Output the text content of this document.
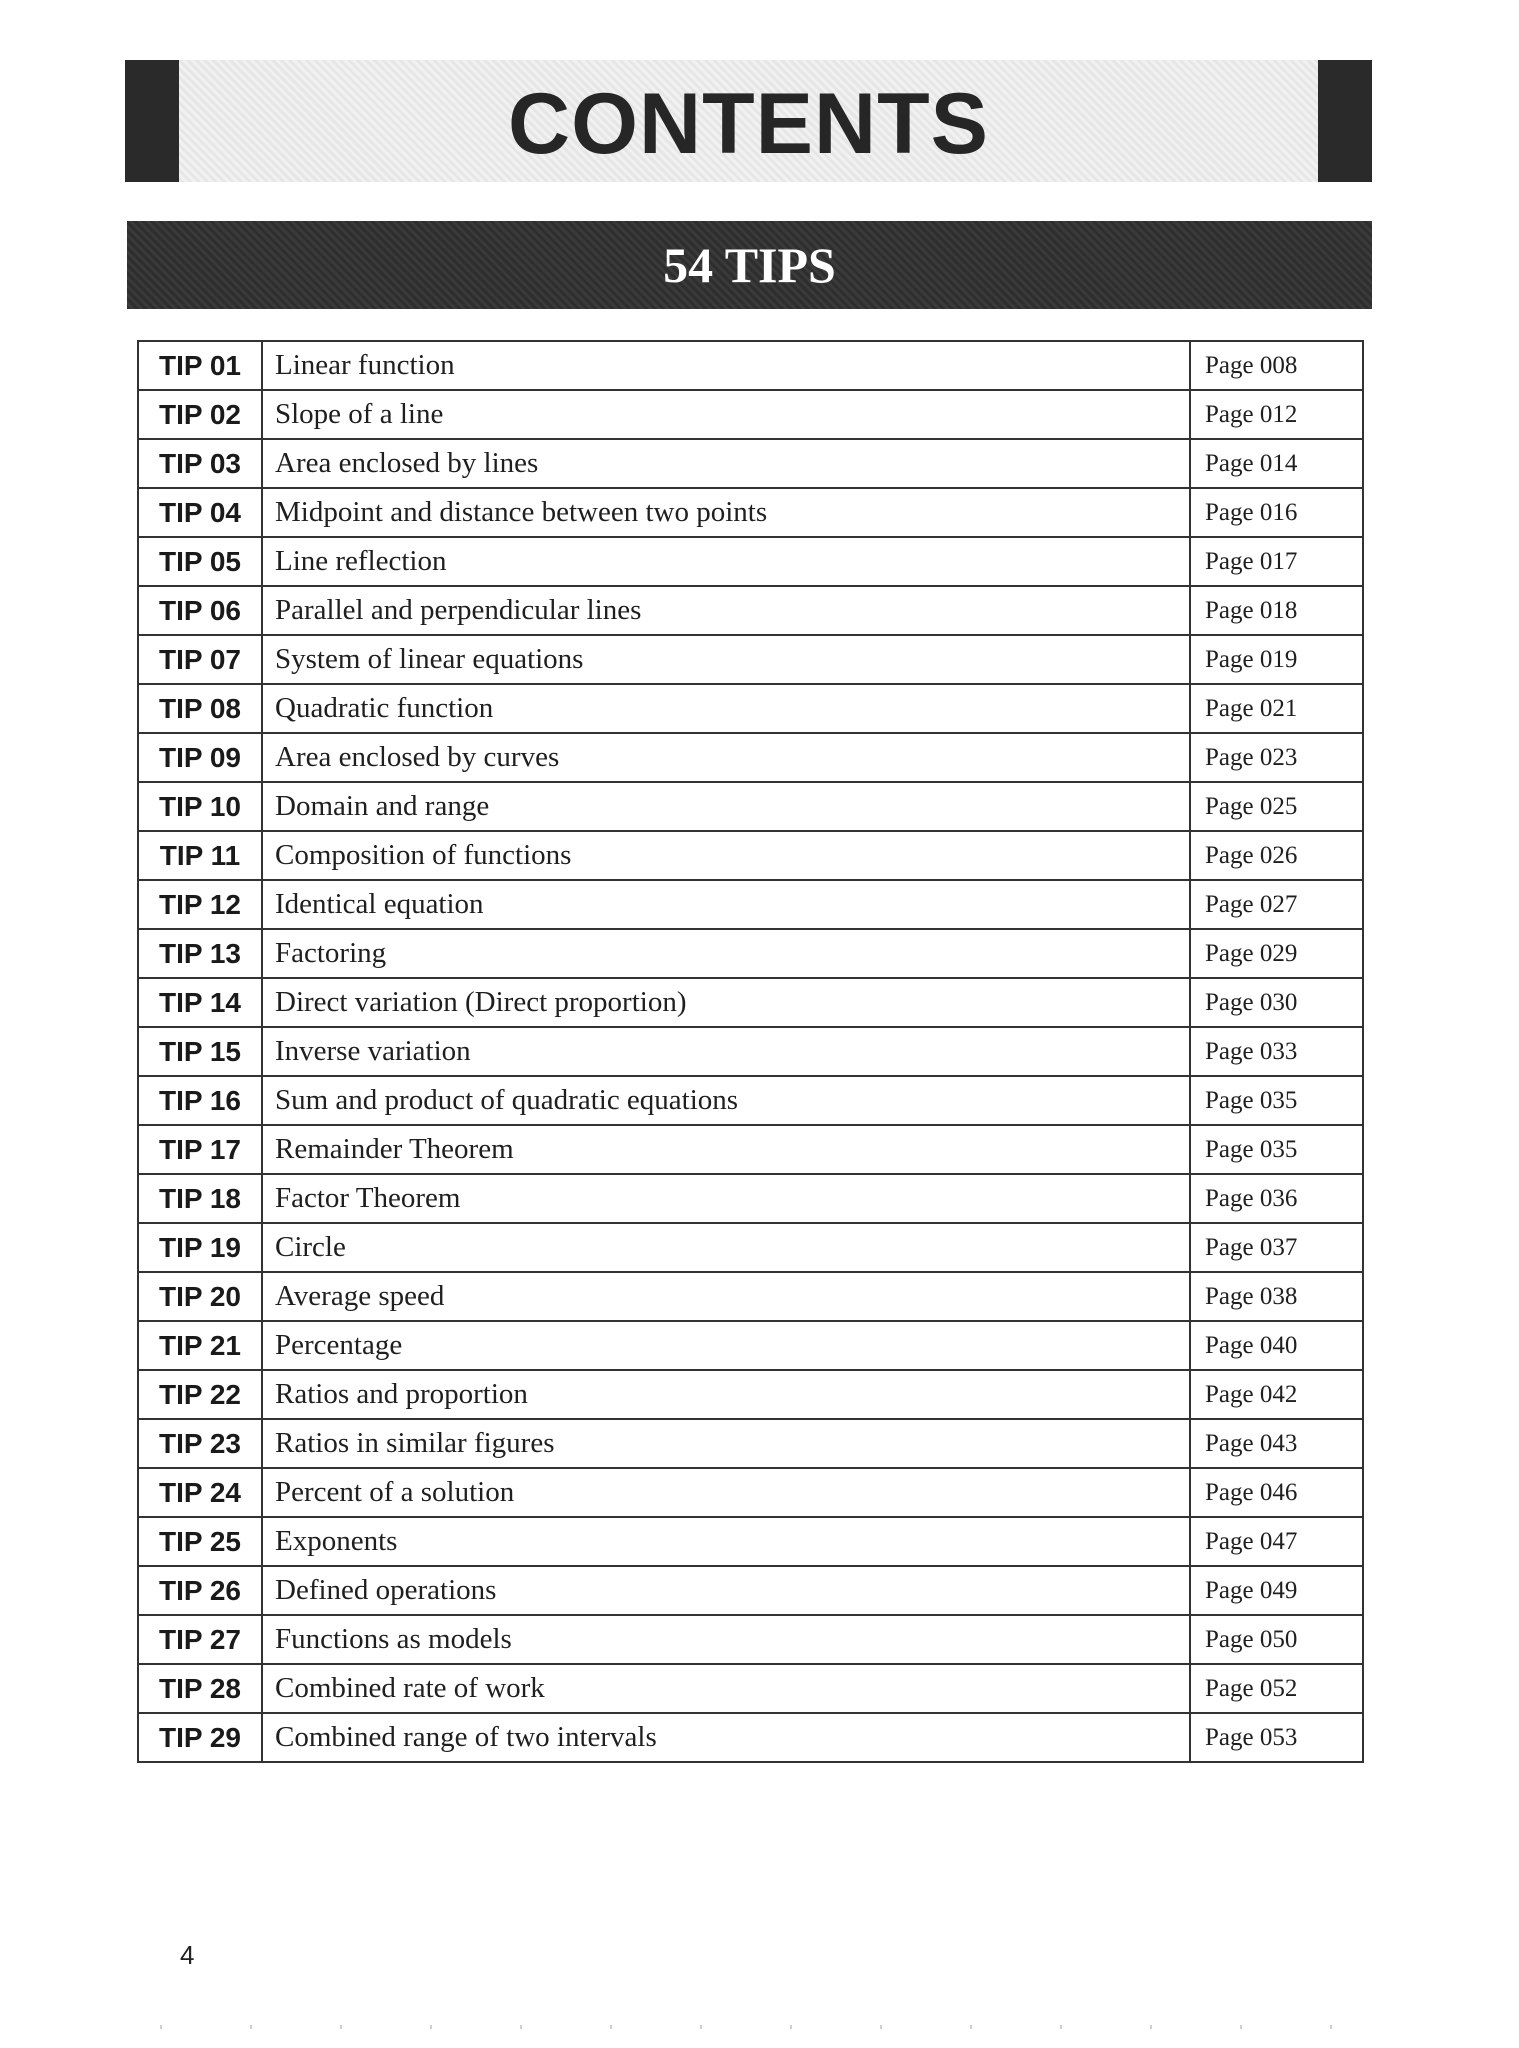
CONTENTS
54 TIPS
TIP 01	Linear function	Page 008
TIP 02	Slope of a line	Page 012
TIP 03	Area enclosed by lines	Page 014
TIP 04	Midpoint and distance between two points	Page 016
TIP 05	Line reflection	Page 017
TIP 06	Parallel and perpendicular lines	Page 018
TIP 07	System of linear equations	Page 019
TIP 08	Quadratic function	Page 021
TIP 09	Area enclosed by curves	Page 023
TIP 10	Domain and range	Page 025
TIP 11	Composition of functions	Page 026
TIP 12	Identical equation	Page 027
TIP 13	Factoring	Page 029
TIP 14	Direct variation (Direct proportion)	Page 030
TIP 15	Inverse variation	Page 033
TIP 16	Sum and product of quadratic equations	Page 035
TIP 17	Remainder Theorem	Page 035
TIP 18	Factor Theorem	Page 036
TIP 19	Circle	Page 037
TIP 20	Average speed	Page 038
TIP 21	Percentage	Page 040
TIP 22	Ratios and proportion	Page 042
TIP 23	Ratios in similar figures	Page 043
TIP 24	Percent of a solution	Page 046
TIP 25	Exponents	Page 047
TIP 26	Defined operations	Page 049
TIP 27	Functions as models	Page 050
TIP 28	Combined rate of work	Page 052
TIP 29	Combined range of two intervals	Page 053
4
